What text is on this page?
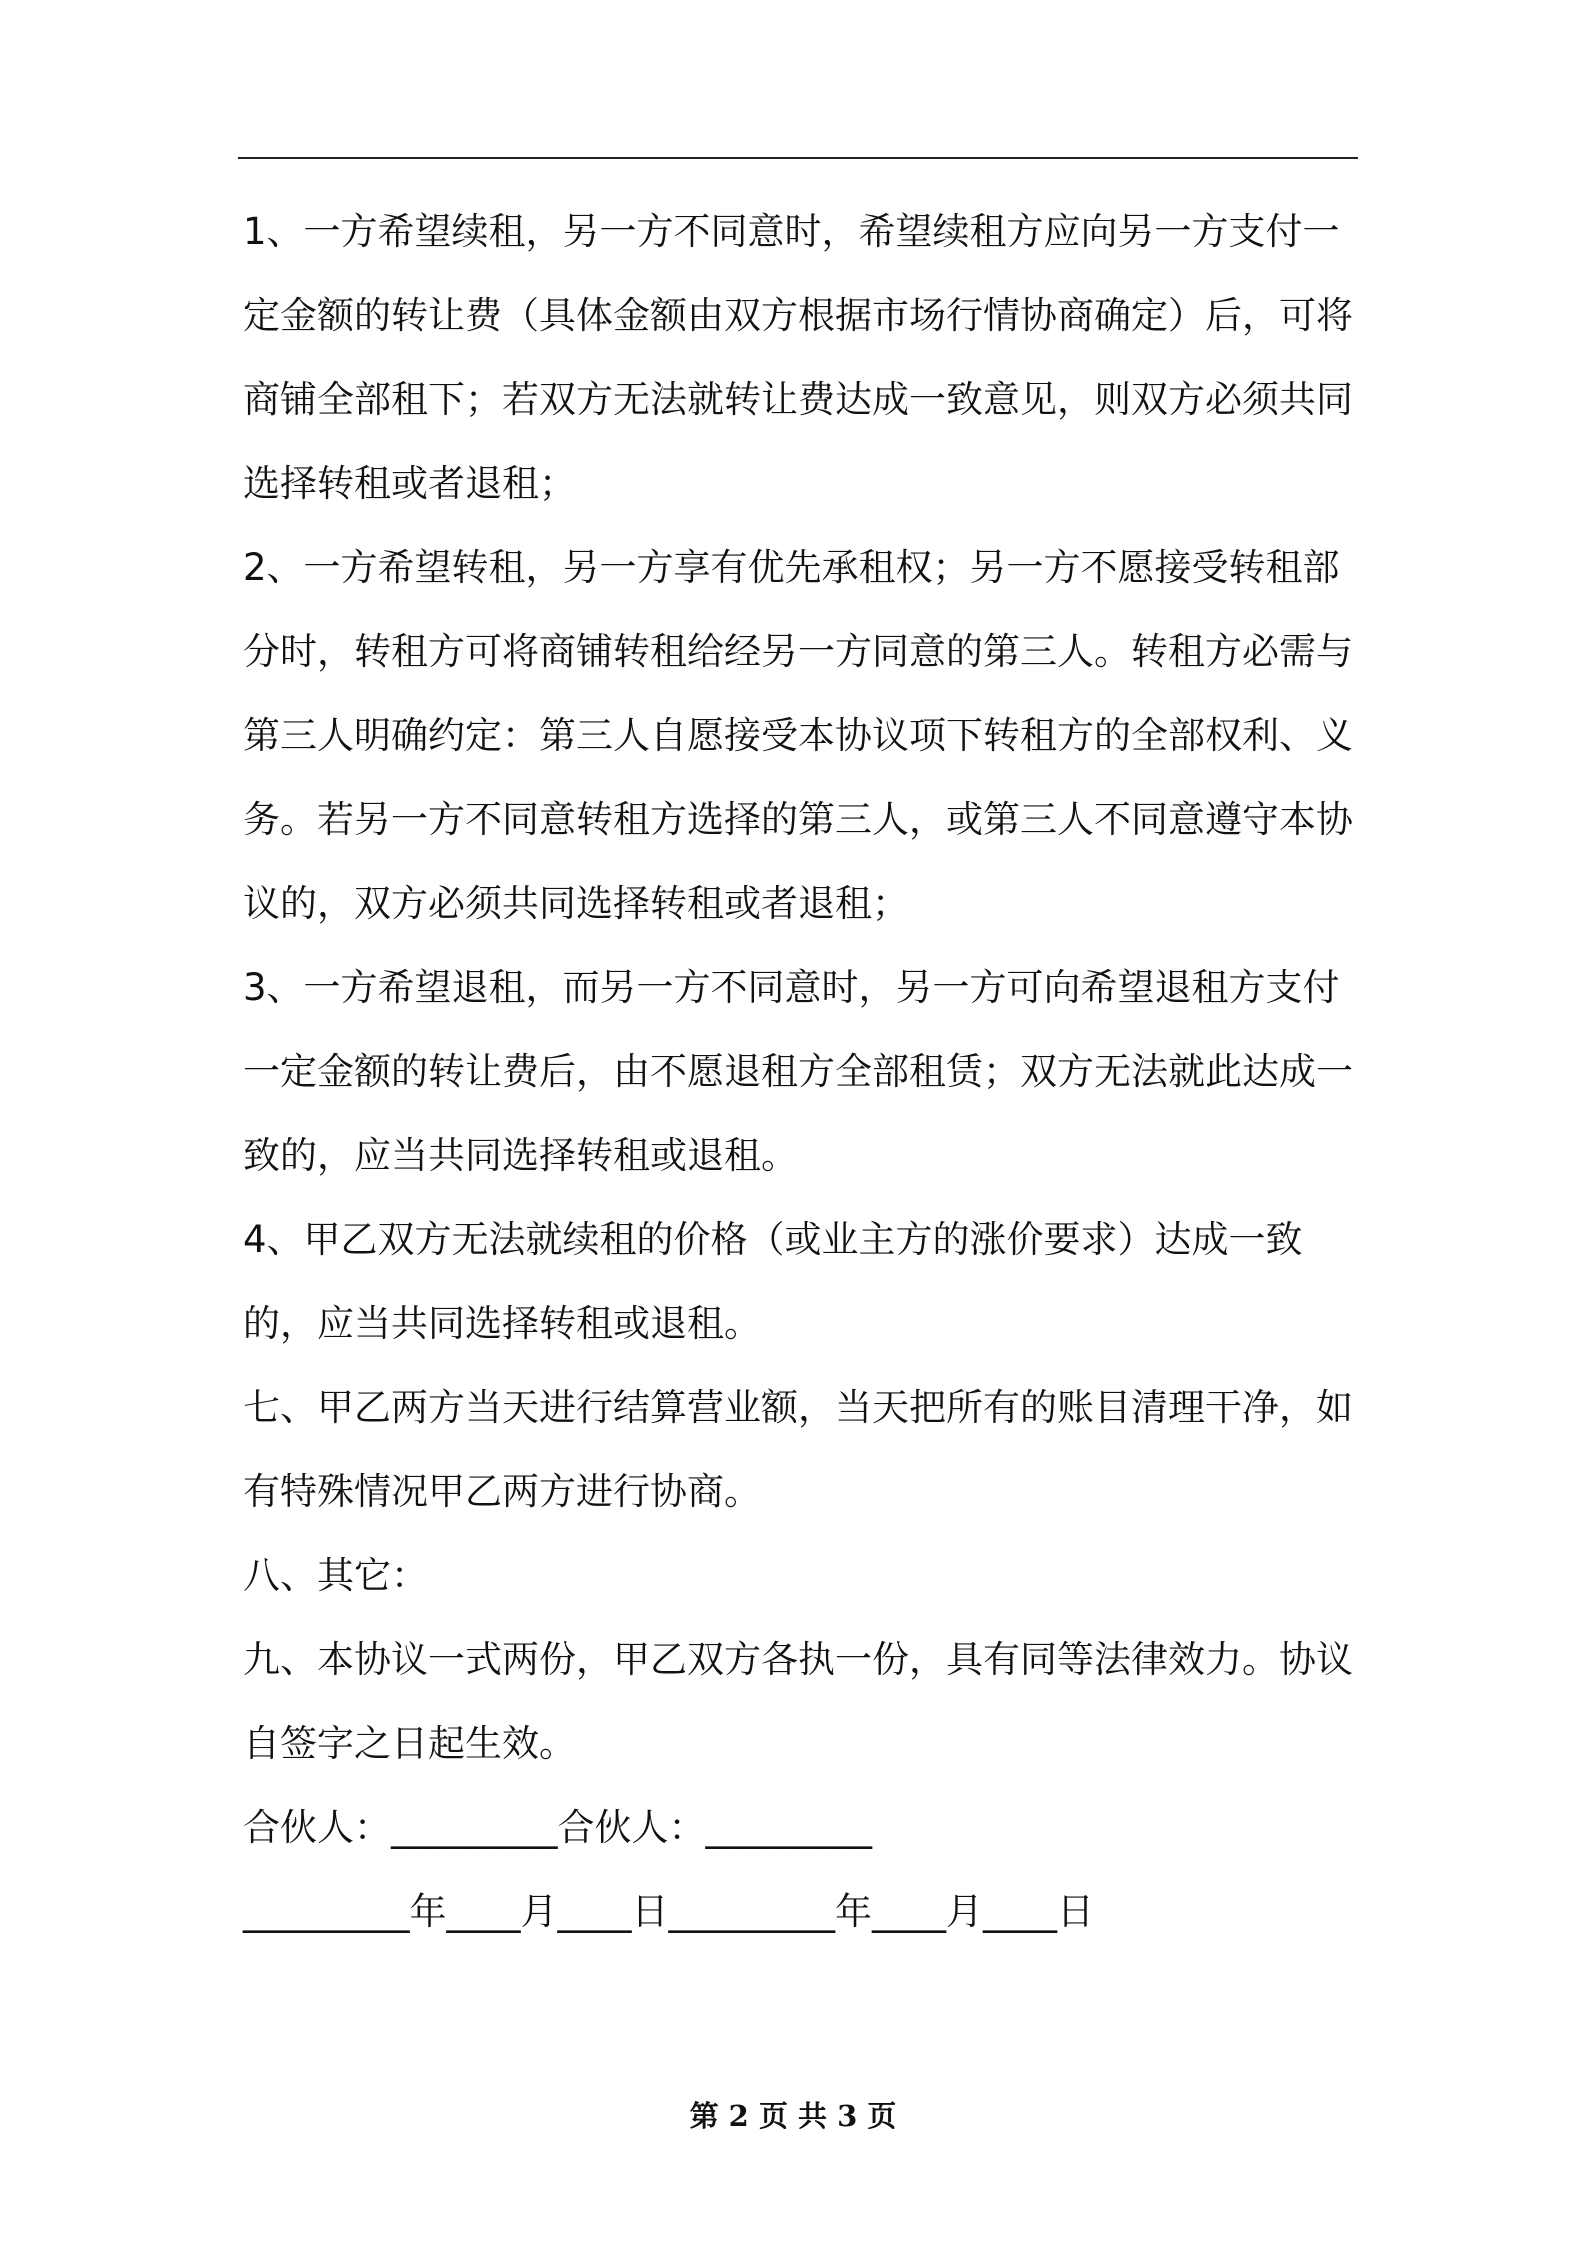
1、一方希望续租，另一方不同意时，希望续租方应向另一方支付一定金额的转让费（具体金额由双方根据市场行情协商确定）后，可将商铺全部租下；若双方无法就转让费达成一致意见，则双方必须共同选择转租或者退租；

2、一方希望转租，另一方享有优先承租权；另一方不愿接受转租部分时，转租方可将商铺转租给经另一方同意的第三人。转租方必需与第三人明确约定：第三人自愿接受本协议项下转租方的全部权利、义务。若另一方不同意转租方选择的第三人，或第三人不同意遵守本协议的，双方必须共同选择转租或者退租；

3、一方希望退租，而另一方不同意时，另一方可向希望退租方支付一定金额的转让费后，由不愿退租方全部租赁；双方无法就此达成一致的，应当共同选择转租或退租。

4、甲乙双方无法就续租的价格（或业主方的涨价要求）达成一致的，应当共同选择转租或退租。

七、甲乙两方当天进行结算营业额，当天把所有的账目清理干净，如有特殊情况甲乙两方进行协商。

八、其它：

九、本协议一式两份，甲乙双方各执一份，具有同等法律效力。协议自签字之日起生效。

合伙人：_________合伙人：_________

_________年____月____日_________年____月____日

第 2 页 共 3 页
